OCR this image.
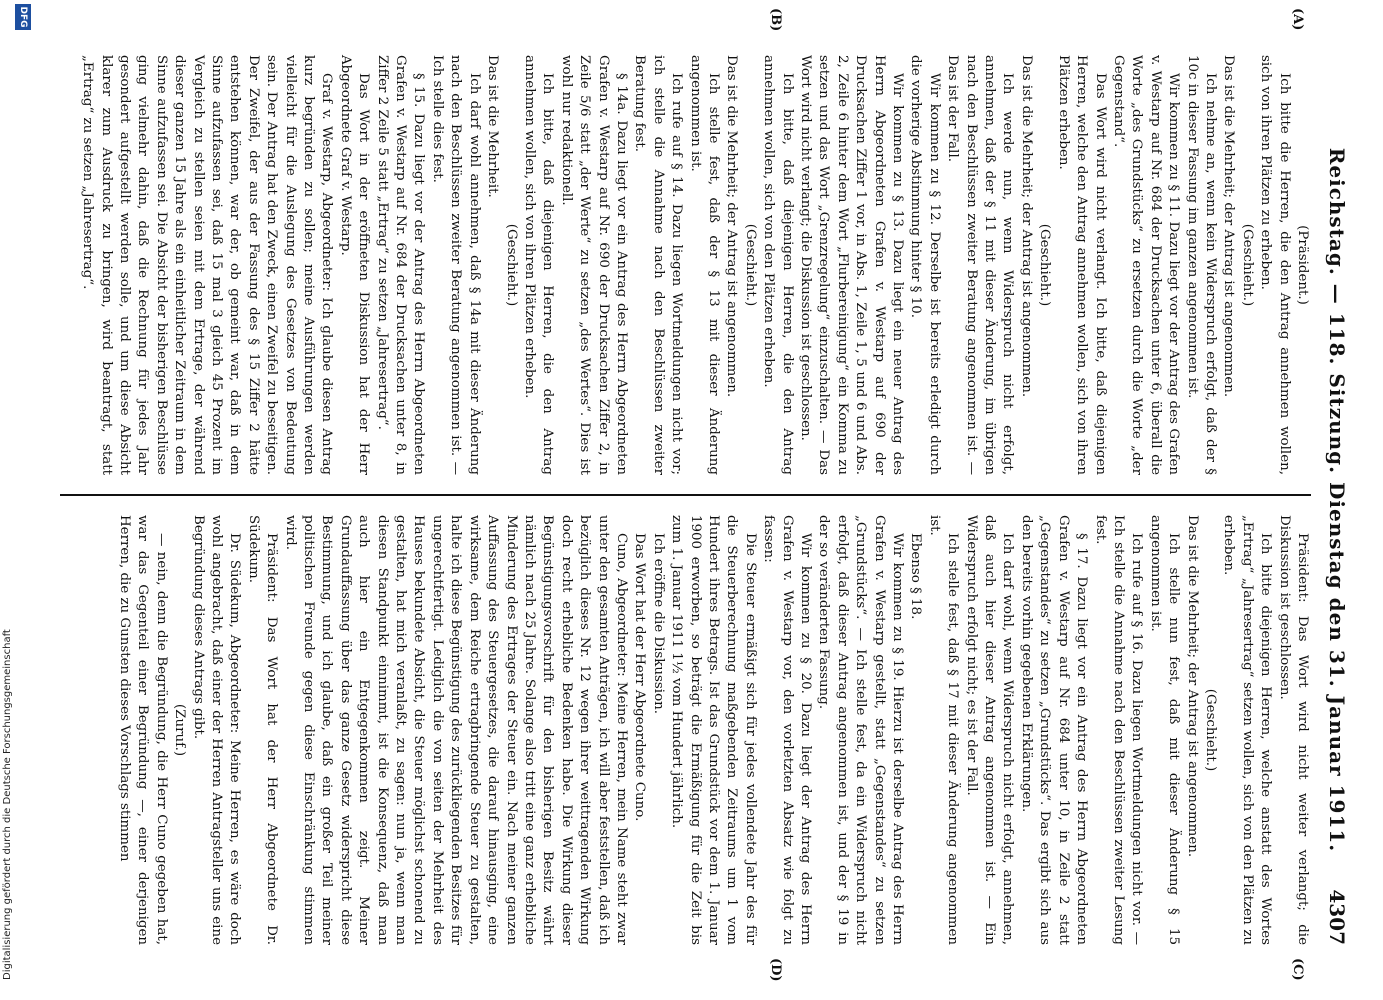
Reichstag. — 118. Sitzung. Dienstag den 31. Januar 1911.
4307
(A)
(B)
(C)
(D)

(Präsident.)

Ich bitte die Herren, die den Antrag annehmen wollen, sich von ihren Plätzen zu erheben.

(Geschieht.)

Das ist die Mehrheit; der Antrag ist angenommen.

Ich nehme an, wenn kein Widerspruch erfolgt, daß der § 10c in dieser Fassung im ganzen angenommen ist.

Wir kommen zu § 11. Dazu liegt vor der Antrag des Grafen v. Westarp auf Nr. 684 der Drucksachen unter 6, überall die Worte „des Grundstücks“ zu ersetzen durch die Worte „der Gegenstand“.

Das Wort wird nicht verlangt. Ich bitte, daß diejenigen Herren, welche den Antrag annehmen wollen, sich von ihren Plätzen erheben.

(Geschieht.)

Das ist die Mehrheit; der Antrag ist angenommen.

Ich werde nun, wenn Widerspruch nicht erfolgt, annehmen, daß der § 11 mit dieser Änderung, im übrigen nach den Beschlüssen zweiter Beratung angenommen ist. — Das ist der Fall.

Wir kommen zu § 12. Derselbe ist bereits erledigt durch die vorherige Abstimmung hinter § 10.

Wir kommen zu § 13. Dazu liegt ein neuer Antrag des Herrn Abgeordneten Grafen v. Westarp auf 690 der Drucksachen Ziffer 1 vor, in Abs. 1, Zeile 1, 5 und 6 und Abs. 2, Zeile 6 hinter dem Wort „Flurbereinigung“ ein Komma zu setzen und das Wort „Grenzregelung“ einzuschalten. — Das Wort wird nicht verlangt; die Diskussion ist geschlossen.

Ich bitte, daß diejenigen Herren, die den Antrag annehmen wollen, sich von den Plätzen erheben.

(Geschieht.)

Das ist die Mehrheit; der Antrag ist angenommen.

Ich stelle fest, daß der § 13 mit dieser Änderung angenommen ist.

Ich rufe auf § 14. Dazu liegen Wortmeldungen nicht vor; ich stelle die Annahme nach den Beschlüssen zweiter Beratung fest.

§ 14a. Dazu liegt vor ein Antrag des Herrn Abgeordneten Grafen v. Westarp auf Nr. 690 der Drucksachen Ziffer 2, in Zeile 5/6 statt „der Werte“ zu setzen „des Wertes“. Dies ist wohl nur redaktionell.

Ich bitte, daß diejenigen Herren, die den Antrag annehmen wollen, sich von ihren Plätzen erheben.

(Geschieht.)

Das ist die Mehrheit.

Ich darf wohl annehmen, daß § 14a mit dieser Änderung nach den Beschlüssen zweiter Beratung angenommen ist. — Ich stelle dies fest.

§ 15. Dazu liegt vor der Antrag des Herrn Abgeordneten Grafen v. Westarp auf Nr. 684 der Drucksachen unter 8, in Ziffer 2 Zeile 5 statt „Ertrag“ zu setzen „Jahresertrag“.

Das Wort in der eröffneten Diskussion hat der Herr Abgeordnete Graf v. Westarp.

Graf v. Westarp, Abgeordneter: Ich glaube diesen Antrag kurz begründen zu sollen; meine Ausführungen werden vielleicht für die Auslegung des Gesetzes von Bedeutung sein. Der Antrag hat den Zweck, einen Zweifel zu beseitigen. Der Zweifel, der aus der Fassung des § 15 Ziffer 2 hätte entstehen können, war der, ob gemeint war, daß in dem Sinne aufzufassen sei, daß 15 mal 3 gleich 45 Prozent im Vergleich zu stellen seien mit dem Ertrage, der während dieser ganzen 15 Jahre als ein einheitlicher Zeitraum in dem Sinne aufzufassen sei. Die Absicht der bisherigen Beschlüsse ging vielmehr dahin, daß die Rechnung für jedes Jahr gesondert aufgestellt werden solle, und um diese Absicht klarer zum Ausdruck zu bringen, wird beantragt, statt „Ertrag“ zu setzen „Jahresertrag“.

Präsident: Das Wort wird nicht weiter verlangt; die Diskussion ist geschlossen.

Ich bitte diejenigen Herren, welche anstatt des Wortes „Ertrag“ „Jahresertrag“ setzen wollen, sich von den Plätzen zu erheben.

(Geschieht.)

Das ist die Mehrheit; der Antrag ist angenommen.

Ich stelle nun fest, daß mit dieser Änderung § 15 angenommen ist.

Ich rufe auf § 16. Dazu liegen Wortmeldungen nicht vor. — Ich stelle die Annahme nach den Beschlüssen zweiter Lesung fest.

§ 17. Dazu liegt vor ein Antrag des Herrn Abgeordneten Grafen v. Westarp auf Nr. 684 unter 10, in Zeile 2 statt „Gegenstandes“ zu setzen „Grundstücks“. Das ergibt sich aus den bereits vorhin gegebenen Erklärungen.

Ich darf wohl, wenn Widerspruch nicht erfolgt, annehmen, daß auch hier dieser Antrag angenommen ist. — Ein Widerspruch erfolgt nicht; es ist der Fall.

Ich stelle fest, daß § 17 mit dieser Änderung angenommen ist.

Ebenso § 18.

Wir kommen zu § 19. Hierzu ist derselbe Antrag des Herrn Grafen v. Westarp gestellt, statt „Gegenstandes“ zu setzen „Grundstücks“. — Ich stelle fest, da ein Widerspruch nicht erfolgt, daß dieser Antrag angenommen ist, und der § 19 in der so veränderten Fassung.

Wir kommen zu § 20. Dazu liegt der Antrag des Herrn Grafen v. Westarp vor, den vorletzten Absatz wie folgt zu fassen:

Die Steuer ermäßigt sich für jedes vollendete Jahr des für die Steuerberechnung maßgebenden Zeitraums um 1 vom Hundert ihres Betrags. Ist das Grundstück vor dem 1. Januar 1900 erworben, so beträgt die Ermäßigung für die Zeit bis zum 1. Januar 1911 1½ vom Hundert jährlich.

Ich eröffne die Diskussion.

Das Wort hat der Herr Abgeordnete Cuno.

Cuno, Abgeordneter: Meine Herren, mein Name steht zwar unter den gesamten Anträgen, ich will aber feststellen, daß ich bezüglich dieses Nr. 12 wegen ihrer weittragenden Wirkung doch recht erhebliche Bedenken habe. Die Wirkung dieser Begünstigungsvorschrift für den bisherigen Besitz währt nämlich nach 25 Jahre. Solange also tritt eine ganz erhebliche Minderung des Ertrages der Steuer ein. Nach meiner ganzen Auffassung des Steuergesetzes, die darauf hinausging, eine wirksame, dem Reiche ertragbringende Steuer zu gestalten, halte ich diese Begünstigung des zurückliegenden Besitzes für ungerechtfertigt. Lediglich die von seiten der Mehrheit des Hauses bekundete Absicht, die Steuer möglichst schonend zu gestalten, hat mich veranlaßt, zu sagen: nun ja, wenn man diesen Standpunkt einnimmt, ist die Konsequenz, daß man auch hier ein Entgegenkommen zeigt. Meiner Grundauffassung über das ganze Gesetz widerspricht diese Bestimmung, und ich glaube, daß ein großer Teil meiner politischen Freunde gegen diese Einschränkung stimmen wird.

Präsident: Das Wort hat der Herr Abgeordnete Dr. Südekum.

Dr. Südekum, Abgeordneter: Meine Herren, es wäre doch wohl angebracht, daß einer der Herren Antragsteller uns eine Begründung dieses Antrags gibt.

(Zuruf.)

— nein, denn die Begründung, die Herr Cuno gegeben hat, war das Gegenteil einer Begründung —, einer derjenigen Herren, die zu Gunsten dieses Vorschlags stimmen

DFG
Digitalisierung gefördert durch die Deutsche Forschungsgemeinschaft
